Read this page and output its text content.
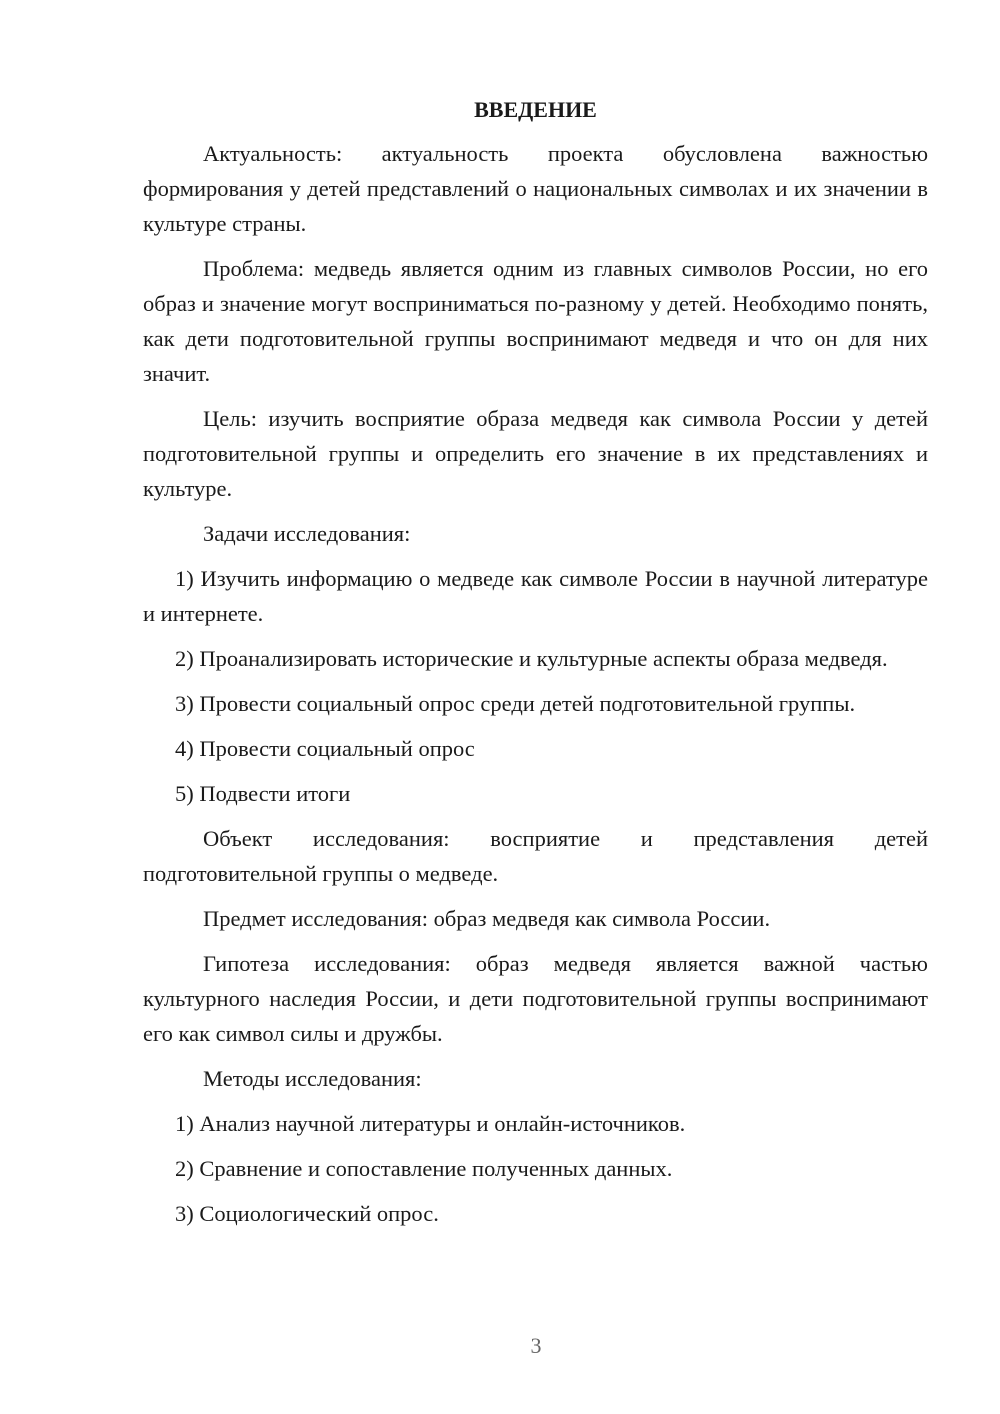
ВВЕДЕНИЕ

Актуальность: актуальность проекта обусловлена важностью формирования у детей представлений о национальных символах и их значении в культуре страны.

Проблема: медведь является одним из главных символов России, но его образ и значение могут восприниматься по-разному у детей. Необходимо понять, как дети подготовительной группы воспринимают медведя и что он для них значит.

Цель: изучить восприятие образа медведя как символа России у детей подготовительной группы и определить его значение в их представлениях и культуре.

Задачи исследования:

1) Изучить информацию о медведе как символе России в научной литературе и интернете.

2) Проанализировать исторические и культурные аспекты образа медведя.

3) Провести социальный опрос среди детей подготовительной группы.

4) Провести социальный опрос

5) Подвести итоги

Объект исследования: восприятие и представления детей подготовительной группы о медведе.

Предмет исследования: образ медведя как символа России.

Гипотеза исследования: образ медведя является важной частью культурного наследия России, и дети подготовительной группы воспринимают его как символ силы и дружбы.

Методы исследования:

1) Анализ научной литературы и онлайн-источников.

2) Сравнение и сопоставление полученных данных.

3) Социологический опрос.

3
